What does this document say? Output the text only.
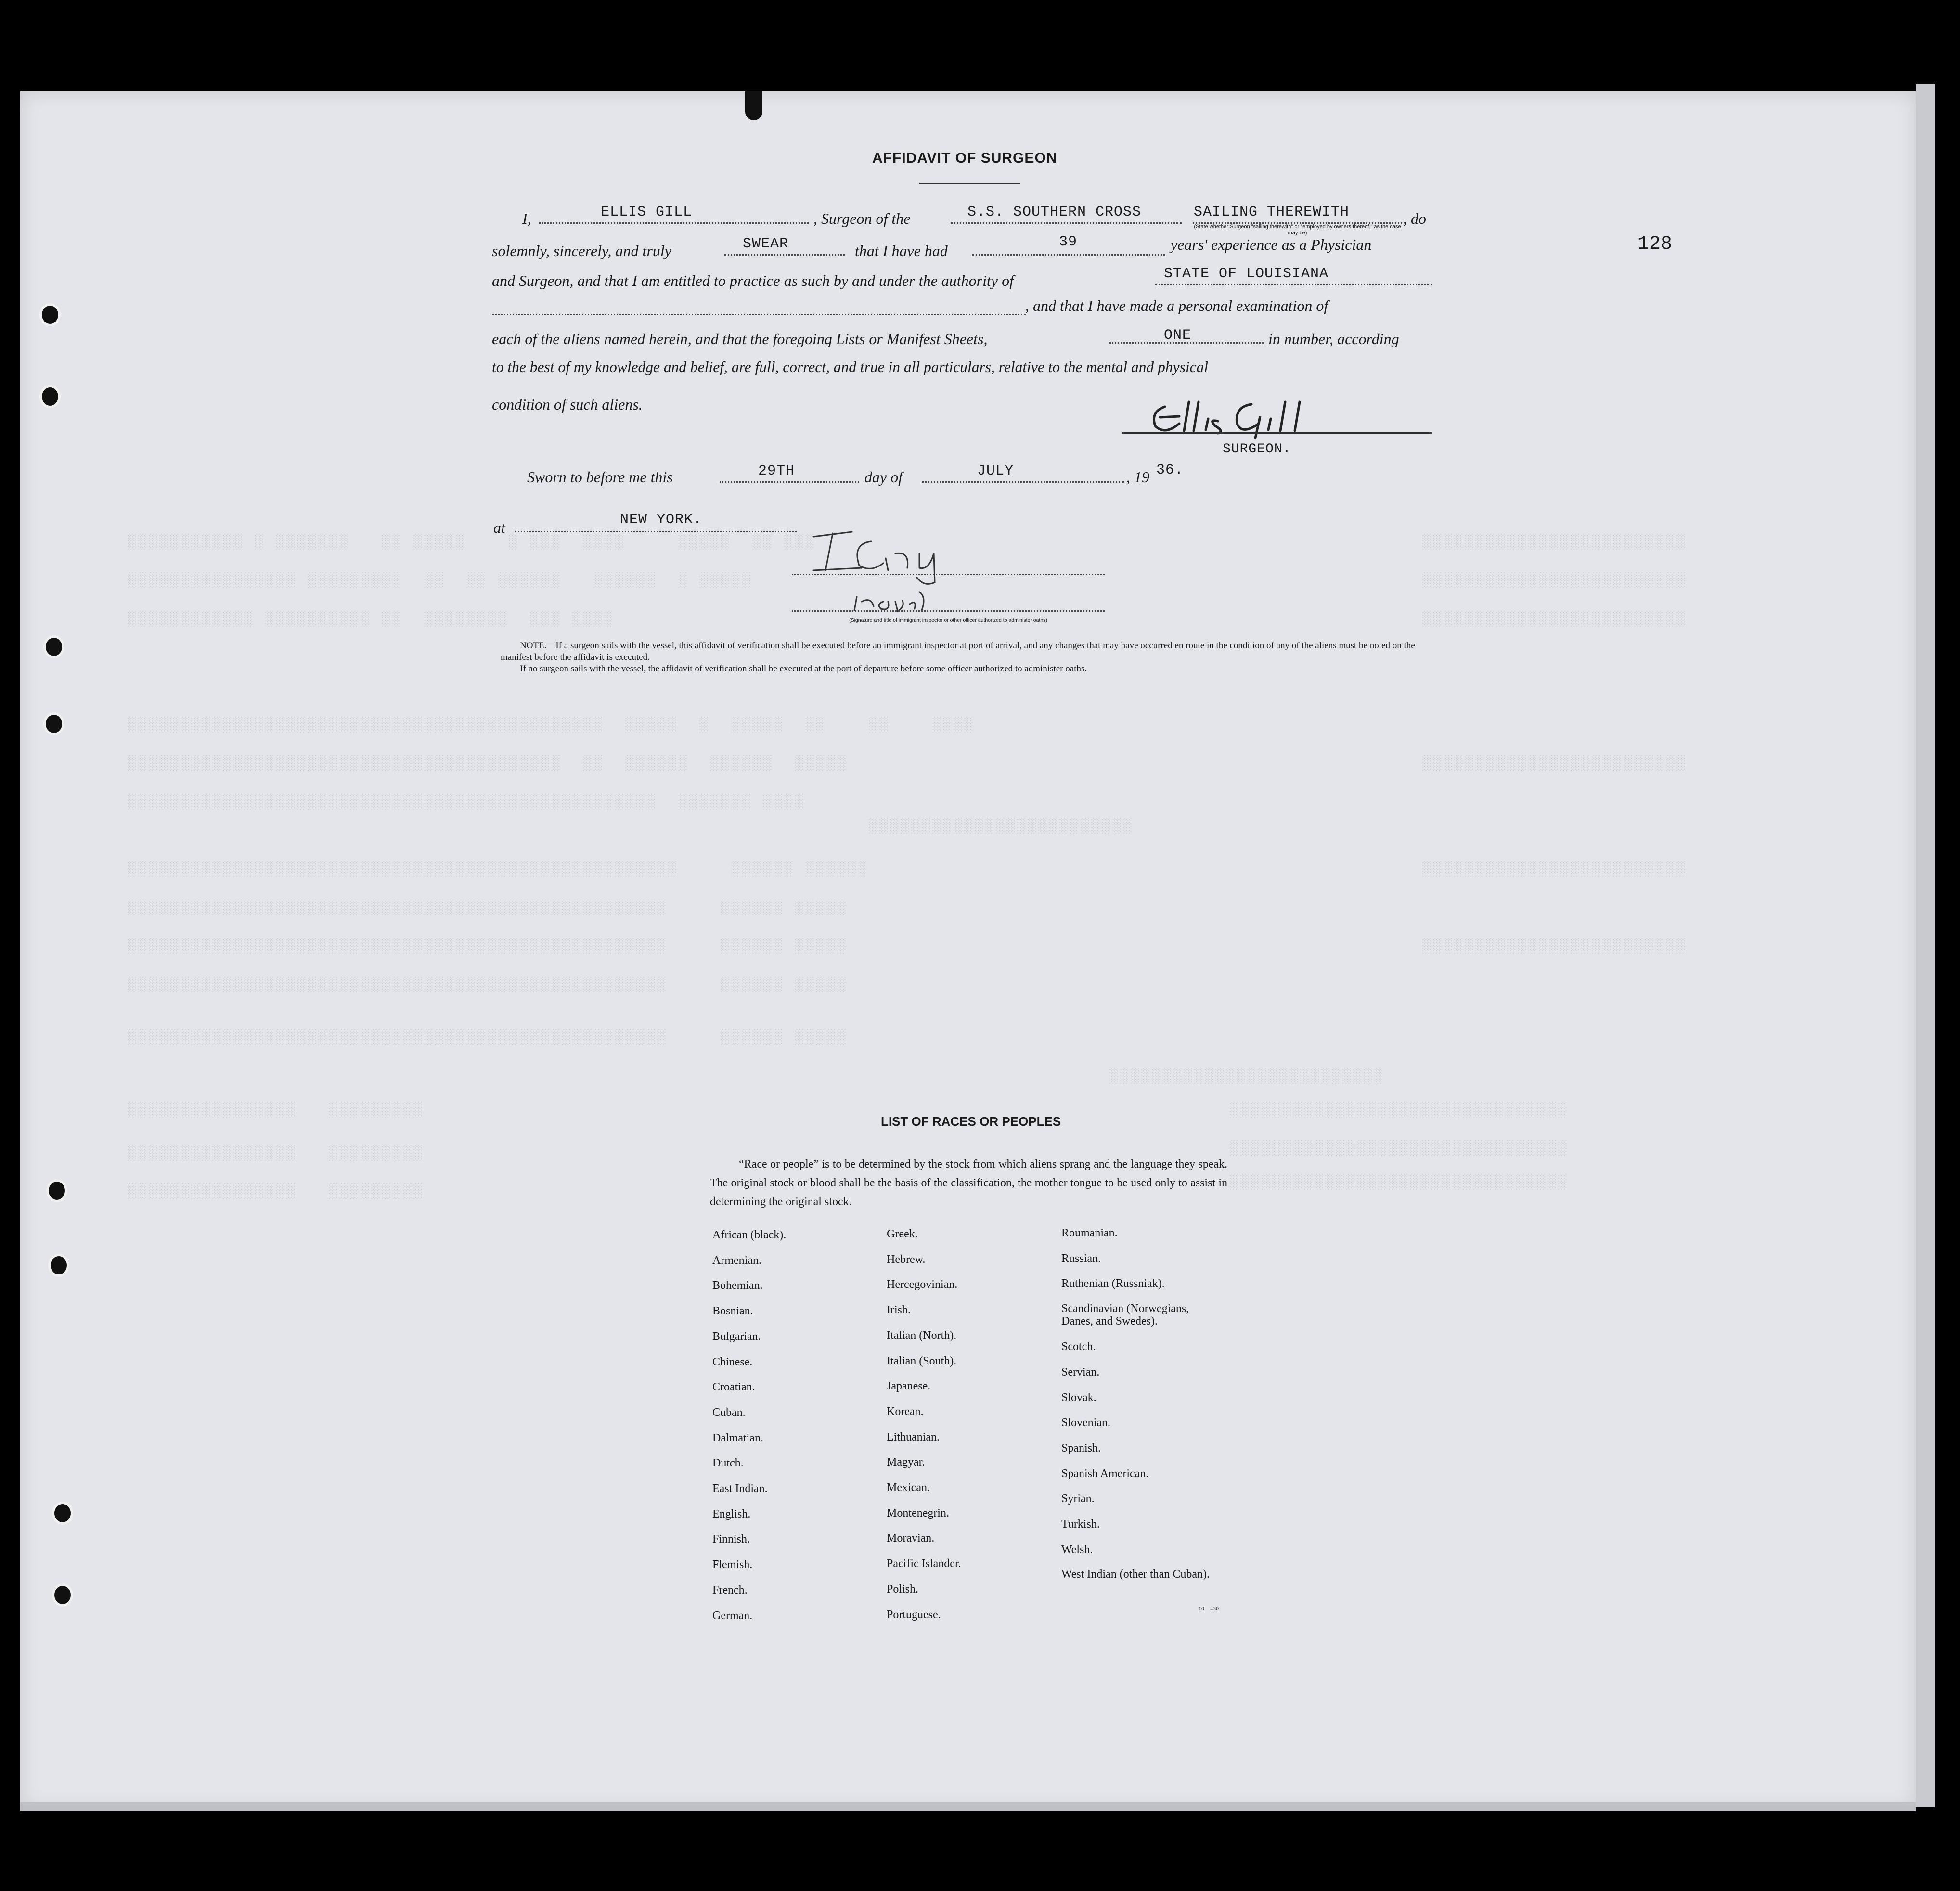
░░░ ░░  ░░░░░     ░░░░  ░░░ ░    ░░░░░ ░░   ░░░░░░░ ░ ░░░░░░░░░░░
░░░░░ ░  ░░░░░░   ░░░░░░ ░░  ░░  ░░░░░░░░░ ░░░░░░░░░░░░░░░░
░░░░ ░░░  ░░░░░░░░  ░░ ░░░░░░░░░░ ░░░░░░░░░░░░
░░░░    ░░    ░░  ░░░░░  ░  ░░░░░  ░░░░░░░░░░░░░░░░░░░░░░░░░░░░░░░░░░░░░░░░░░░░░
░░░░░  ░░░░░░  ░░░░░░  ░░  ░░░░░░░░░░░░░░░░░░░░░░░░░░░░░░░░░░░░░░░░░
░░░░ ░░░░░░░  ░░░░░░░░░░░░░░░░░░░░░░░░░░░░░░░░░░░░░░░░░░░░░░░░░░
░░░░░░░░░░░░░░░░░░░░░░░░░
░░░░░░ ░░░░░░     ░░░░░░░░░░░░░░░░░░░░░░░░░░░░░░░░░░░░░░░░░░░░░░░░░░░░
░░░░░ ░░░░░░     ░░░░░░░░░░░░░░░░░░░░░░░░░░░░░░░░░░░░░░░░░░░░░░░░░░░
░░░░░ ░░░░░░     ░░░░░░░░░░░░░░░░░░░░░░░░░░░░░░░░░░░░░░░░░░░░░░░░░░░
░░░░░ ░░░░░░     ░░░░░░░░░░░░░░░░░░░░░░░░░░░░░░░░░░░░░░░░░░░░░░░░░░░
░░░░░ ░░░░░░     ░░░░░░░░░░░░░░░░░░░░░░░░░░░░░░░░░░░░░░░░░░░░░░░░░░░
░░░░░░░░░░░░░░░░░░░░░░░░░░
░░░░░░░░░   ░░░░░░░░░░░░░░░░
░░░░░░░░░   ░░░░░░░░░░░░░░░░
░░░░░░░░░   ░░░░░░░░░░░░░░░░
░░░░░░░░░░░░░░░░░░░░░░░░░░░░░░░░
░░░░░░░░░░░░░░░░░░░░░░░░░░░░░░░░
░░░░░░░░░░░░░░░░░░░░░░░░░░░░░░░░
░░░░░░░░░░░░░░░░░░░░░░░░░
░░░░░░░░░░░░░░░░░░░░░░░░░
░░░░░░░░░░░░░░░░░░░░░░░░░
░░░░░░░░░░░░░░░░░░░░░░░░░
░░░░░░░░░░░░░░░░░░░░░░░░░
░░░░░░░░░░░░░░░░░░░░░░░░░
128
AFFIDAVIT OF SURGEON
I,	ELLIS GILL	, Surgeon of the	S.S. SOUTHERN CROSS	SAILING THEREWITH	, do
(State whether Surgeon "sailing therewith" or "employed by owners thereof," as the case may be)
solemnly, sincerely, and truly	SWEAR	that I have had	39	years' experience as a Physician
and Surgeon, and that I am entitled to practice as such by and under the authority of	STATE OF LOUISIANA
, and that I have made a personal examination of
each of the aliens named herein, and that the foregoing Lists or Manifest Sheets,	ONE	in number, according
to the best of my knowledge and belief, are full, correct, and true in all particulars, relative to the mental and physical
condition of such aliens.
SURGEON.
Sworn to before me this	29TH	day of	JULY	, 19 36.
at	NEW YORK.
(Signature and title of immigrant inspector or other officer authorized to administer oaths)
NOTE.—If a surgeon sails with the vessel, this affidavit of verification shall be executed before an immigrant inspector at port of arrival, and any changes that may have occurred en route in the condition of any of the aliens must be noted on the manifest before the affidavit is executed.
If no surgeon sails with the vessel, the affidavit of verification shall be executed at the port of departure before some officer authorized to administer oaths.
LIST OF RACES OR PEOPLES
“Race or people” is to be determined by the stock from which aliens sprang and the language they speak. The original stock or blood shall be the basis of the classification, the mother tongue to be used only to assist in determining the original stock.
African (black).
Armenian.
Bohemian.
Bosnian.
Bulgarian.
Chinese.
Croatian.
Cuban.
Dalmatian.
Dutch.
East Indian.
English.
Finnish.
Flemish.
French.
German.
Greek.
Hebrew.
Hercegovinian.
Irish.
Italian (North).
Italian (South).
Japanese.
Korean.
Lithuanian.
Magyar.
Mexican.
Montenegrin.
Moravian.
Pacific Islander.
Polish.
Portuguese.
Roumanian.
Russian.
Ruthenian (Russniak).
Scandinavian (Norwegians, Danes, and Swedes).
Scotch.
Servian.
Slovak.
Slovenian.
Spanish.
Spanish American.
Syrian.
Turkish.
Welsh.
West Indian (other than Cuban).
10—430
